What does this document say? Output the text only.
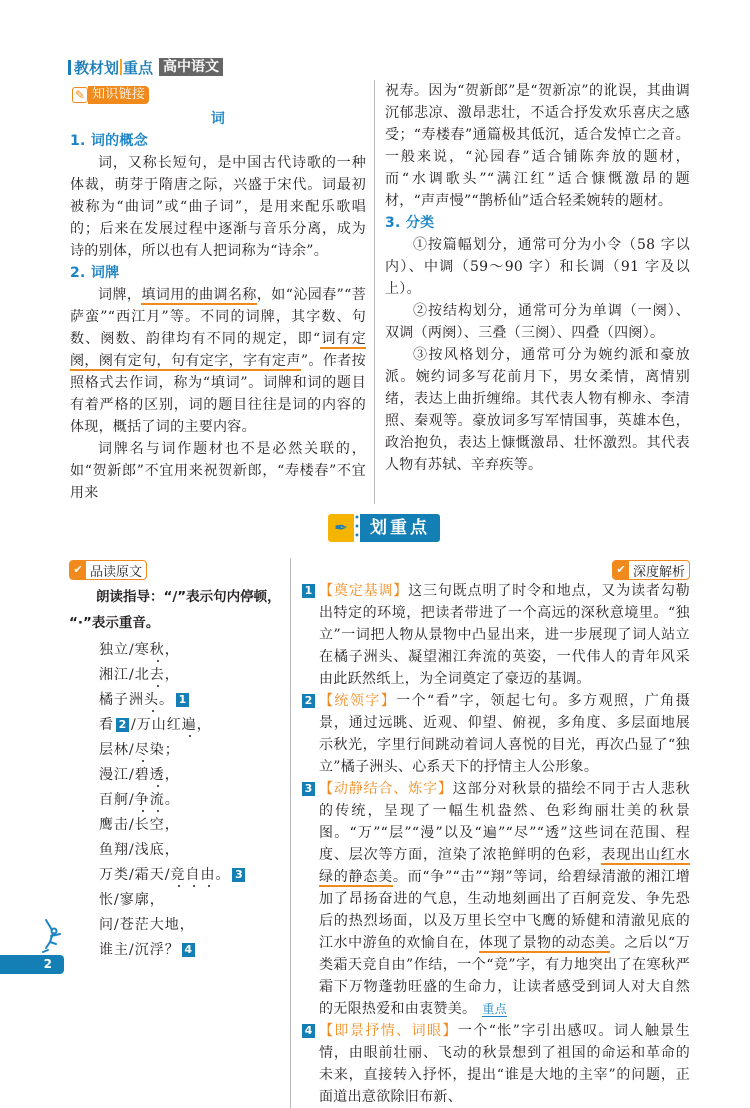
教材划 重点 高中语文
✎ 知识链接
词
1. 词的概念

词，又称长短句，是中国古代诗歌的一种体裁，萌芽于隋唐之际，兴盛于宋代。词最初被称为“曲词”或“曲子词”，是用来配乐歌唱的；后来在发展过程中逐渐与音乐分离，成为诗的别体，所以也有人把词称为“诗余”。

2. 词牌

词牌，填词用的曲调名称，如“沁园春”“菩萨蛮”“西江月”等。不同的词牌，其字数、句数、阕数、韵律均有不同的规定，即“词有定阕，阕有定句，句有定字，字有定声”。作者按照格式去作词，称为“填词”。词牌和词的题目有着严格的区别，词的题目往往是词的内容的体现，概括了词的主要内容。

词牌名与词作题材也不是必然关联的，如“贺新郎”不宜用来祝贺新郎，“寿楼春”不宜用来

祝寿。因为“贺新郎”是“贺新凉”的讹误，其曲调沉郁悲凉、激昂悲壮，不适合抒发欢乐喜庆之感受；“寿楼春”通篇极其低沉，适合发悼亡之音。一般来说，“沁园春”适合铺陈奔放的题材，而“水调歌头”“满江红”适合慷慨激昂的题材，“声声慢”“鹊桥仙”适合轻柔婉转的题材。

3. 分类

①按篇幅划分，通常可分为小令（58 字以内）、中调（59～90 字）和长调（91 字及以上）。

②按结构划分，通常可分为单调（一阕）、双调（两阕）、三叠（三阕）、四叠（四阕）。

③按风格划分，通常可分为婉约派和豪放派。婉约词多写花前月下，男女柔情，离情别绪，表达上曲折缠绵。其代表人物有柳永、李清照、秦观等。豪放词多写军情国事，英雄本色，政治抱负，表达上慷慨激昂、壮怀激烈。其代表人物有苏轼、辛弃疾等。

✒ •
•
• 划重点
✔ 品读原文
朗读指导：“/”表示句内停顿，
“·”表示重音。
独立/寒秋，
湘江/北去，
橘子洲头。 1
看 2 /万山红遍，
层林/尽染；
漫江/碧透，
百舸/争流。
鹰击/长空，
鱼翔/浅底，
万类/霜天/竞自由。 3
怅/寥廓，
问/苍茫大地，
谁主/沉浮？ 4
✔ 深度解析

1 【奠定基调】这三句既点明了时令和地点，又为读者勾勒出特定的环境，把读者带进了一个高远的深秋意境里。“独立”一词把人物从景物中凸显出来，进一步展现了词人站立在橘子洲头、凝望湘江奔流的英姿，一代伟人的青年风采由此跃然纸上，为全词奠定了豪迈的基调。

2 【统领字】一个“看”字，领起七句。多方观照，广角摄景，通过远眺、近观、仰望、俯视，多角度、多层面地展示秋光，字里行间跳动着词人喜悦的目光，再次凸显了“独立”橘子洲头、心系天下的抒情主人公形象。

3 【动静结合、炼字】这部分对秋景的描绘不同于古人悲秋的传统，呈现了一幅生机盎然、色彩绚丽壮美的秋景图。“万”“层”“漫”以及“遍”“尽”“透”这些词在范围、程度、层次等方面，渲染了浓艳鲜明的色彩，表现出山红水绿的静态美。而“争”“击”“翔”等词，给碧绿清澈的湘江增加了昂扬奋进的气息，生动地刻画出了百舸竞发、争先恐后的热烈场面，以及万里长空中飞鹰的矫健和清澈见底的江水中游鱼的欢愉自在，体现了景物的动态美。之后以“万类霜天竞自由”作结，一个“竞”字，有力地突出了在寒秋严霜下万物蓬勃旺盛的生命力，让读者感受到词人对大自然的无限热爱和由衷赞美。 重点

4 【即景抒情、词眼】一个“怅”字引出感叹。词人触景生情，由眼前壮丽、飞动的秋景想到了祖国的命运和革命的未来，直接转入抒怀，提出“谁是大地的主宰”的问题，正面道出意欲除旧布新、

2
